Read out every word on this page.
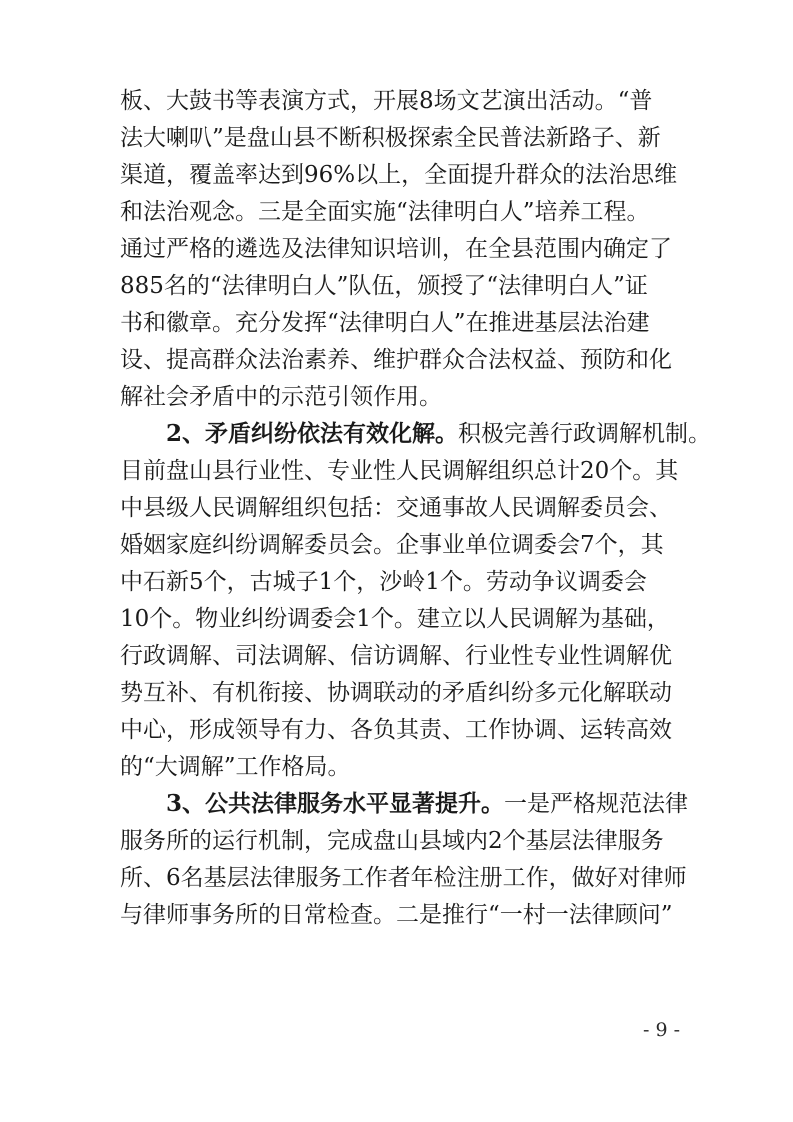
板、大鼓书等表演方式，开展8场文艺演出活动。“普
法大喇叭”是盘山县不断积极探索全民普法新路子、新
渠道，覆盖率达到96%以上，全面提升群众的法治思维
和法治观念。三是全面实施“法律明白人”培养工程。
通过严格的遴选及法律知识培训，在全县范围内确定了
885名的“法律明白人”队伍，颁授了“法律明白人”证
书和徽章。充分发挥“法律明白人”在推进基层法治建
设、提高群众法治素养、维护群众合法权益、预防和化
解社会矛盾中的示范引领作用。
2、矛盾纠纷依法有效化解。积极完善行政调解机制。
目前盘山县行业性、专业性人民调解组织总计20个。其
中县级人民调解组织包括：交通事故人民调解委员会、
婚姻家庭纠纷调解委员会。企事业单位调委会7个，其
中石新5个，古城子1个，沙岭1个。劳动争议调委会
10个。物业纠纷调委会1个。建立以人民调解为基础，
行政调解、司法调解、信访调解、行业性专业性调解优
势互补、有机衔接、协调联动的矛盾纠纷多元化解联动
中心，形成领导有力、各负其责、工作协调、运转高效
的“大调解”工作格局。
3、公共法律服务水平显著提升。一是严格规范法律
服务所的运行机制，完成盘山县域内2个基层法律服务
所、6名基层法律服务工作者年检注册工作，做好对律师
与律师事务所的日常检查。二是推行“一村一法律顾问”
- 9 -
